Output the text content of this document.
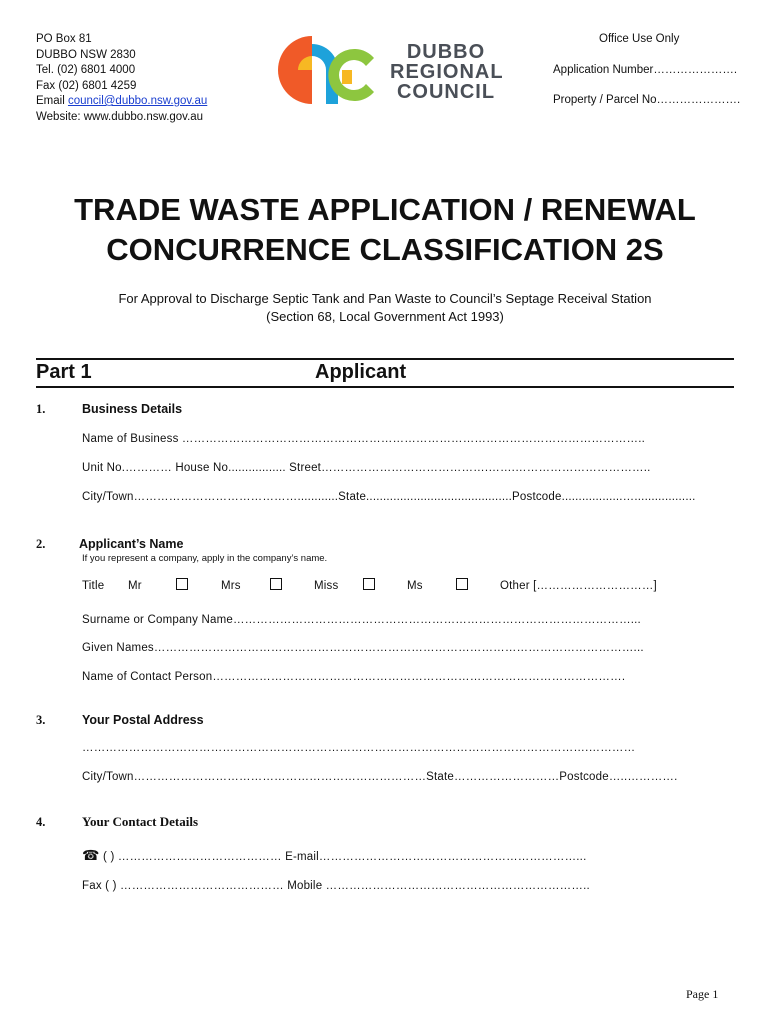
PO Box 81
DUBBO NSW 2830
Tel. (02) 6801 4000
Fax (02) 6801 4259
Email council@dubbo.nsw.gov.au
Website: www.dubbo.nsw.gov.au
DUBBO
REGIONAL
COUNCIL
Office Use Only
Application Number………………….
Property / Parcel No………………….
TRADE WASTE APPLICATION / RENEWAL
CONCURRENCE CLASSIFICATION 2S
For Approval to Discharge Septic Tank and Pan Waste to Council’s Septage Receival Station
(Section 68, Local Government Act 1993)
Part 1	Applicant
1.	Business Details
Name of Business ………………………………………………………………………………………………………..
Unit No.………… House No................. Street…………………………………….…….……………………………..
City/Town……………………………………............State...........................................Postcode..................…..................
2.	Applicant’s Name
If you represent a company, apply in the company’s name.
Title Mr	Mrs	Miss	Ms	Other […………………………]
Surname or Company Name…………………………………………………………………………………………...
Given Names……………………………………………………………………………………………………………...
Name of Contact Person…………………………………………………………………………………………….
3.	Your Postal Address
………………………………………………………………………………………………………………….…………
City/Town…………………………………………………………………State………………………Postcode…..………….
4.	Your Contact Details
☎ ( ) …………………………………… E-mail…………………………………………………………...
Fax ( ) …………………………………… Mobile …………………………………………………………..
Page 1
